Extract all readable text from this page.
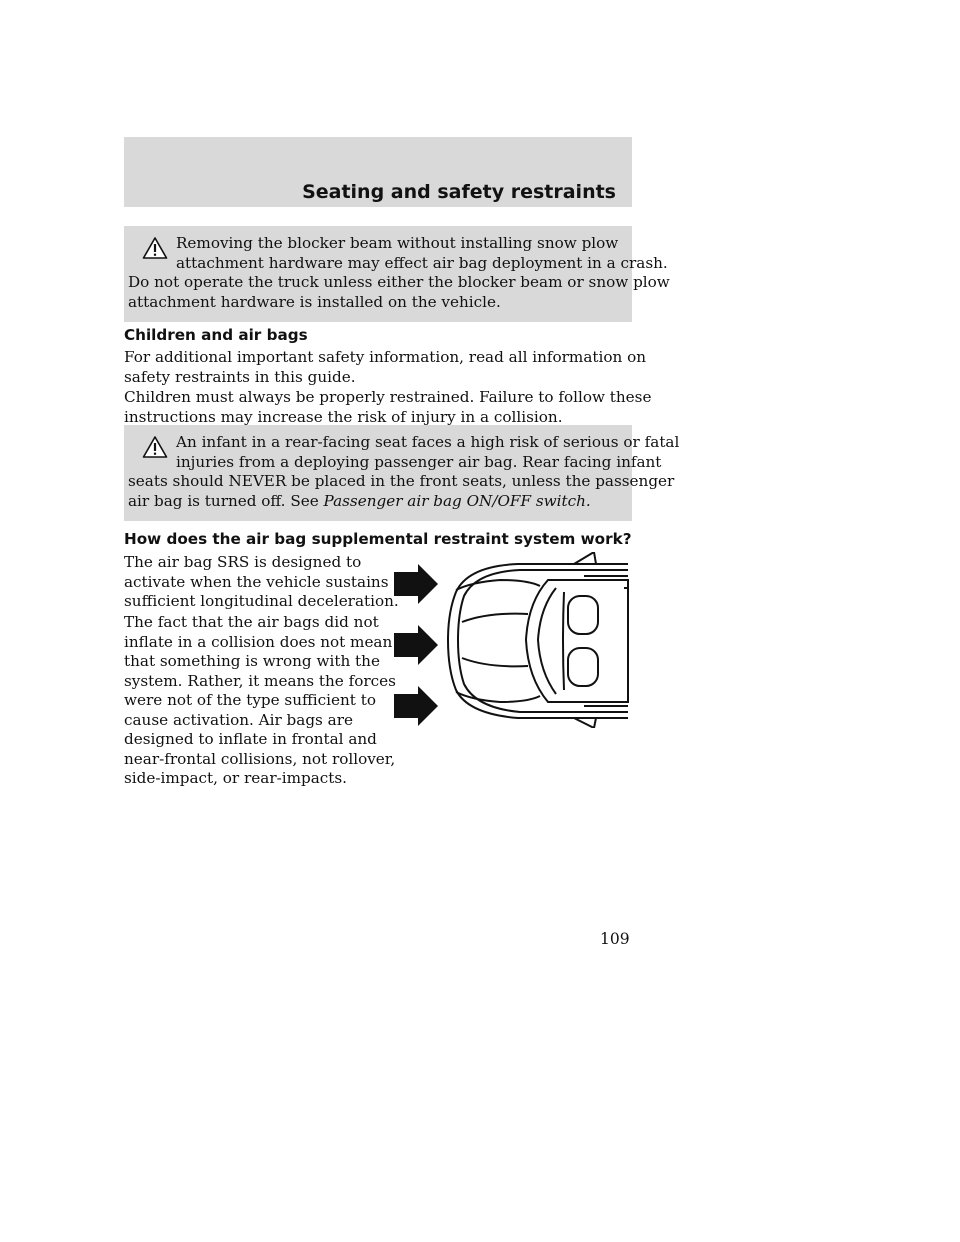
Seating and safety restraints
Removing the blocker beam without installing snow plow
attachment hardware may effect air bag deployment in a crash.
Do not operate the truck unless either the blocker beam or snow plow
attachment hardware is installed on the vehicle.
Children and air bags
For additional important safety information, read all information on
safety restraints in this guide.
Children must always be properly restrained. Failure to follow these
instructions may increase the risk of injury in a collision.
An infant in a rear-facing seat faces a high risk of serious or fatal
injuries from a deploying passenger air bag. Rear facing infant
seats should NEVER be placed in the front seats, unless the passenger
air bag is turned off. See Passenger air bag ON/OFF switch.
How does the air bag supplemental restraint system work?
The air bag SRS is designed to
activate when the vehicle sustains
sufficient longitudinal deceleration.
The fact that the air bags did not
inflate in a collision does not mean
that something is wrong with the
system. Rather, it means the forces
were not of the type sufficient to
cause activation. Air bags are
designed to inflate in frontal and
near-frontal collisions, not rollover,
side-impact, or rear-impacts.
109
